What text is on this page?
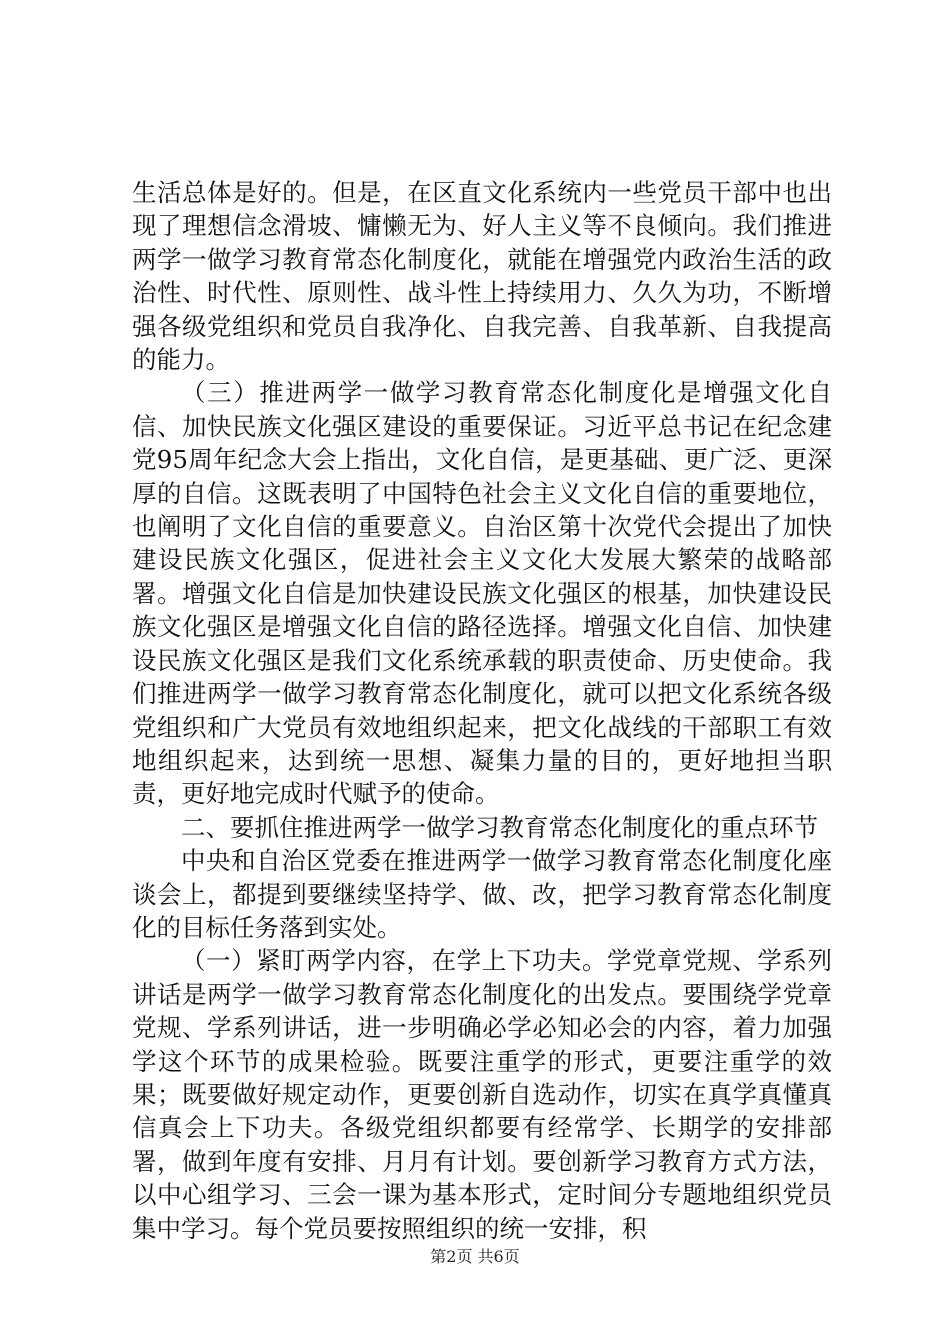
生活总体是好的。但是，在区直文化系统内一些党员干部中也出现了理想信念滑坡、慵懒无为、好人主义等不良倾向。我们推进两学一做学习教育常态化制度化，就能在增强党内政治生活的政治性、时代性、原则性、战斗性上持续用力、久久为功，不断增强各级党组织和党员自我净化、自我完善、自我革新、自我提高的能力。

（三）推进两学一做学习教育常态化制度化是增强文化自信、加快民族文化强区建设的重要保证。习近平总书记在纪念建党95周年纪念大会上指出，文化自信，是更基础、更广泛、更深厚的自信。这既表明了中国特色社会主义文化自信的重要地位，也阐明了文化自信的重要意义。自治区第十次党代会提出了加快建设民族文化强区，促进社会主义文化大发展大繁荣的战略部署。增强文化自信是加快建设民族文化强区的根基，加快建设民族文化强区是增强文化自信的路径选择。增强文化自信、加快建设民族文化强区是我们文化系统承载的职责使命、历史使命。我们推进两学一做学习教育常态化制度化，就可以把文化系统各级党组织和广大党员有效地组织起来，把文化战线的干部职工有效地组织起来，达到统一思想、凝集力量的目的，更好地担当职责，更好地完成时代赋予的使命。

二、要抓住推进两学一做学习教育常态化制度化的重点环节

中央和自治区党委在推进两学一做学习教育常态化制度化座谈会上，都提到要继续坚持学、做、改，把学习教育常态化制度化的目标任务落到实处。

（一）紧盯两学内容，在学上下功夫。学党章党规、学系列讲话是两学一做学习教育常态化制度化的出发点。要围绕学党章党规、学系列讲话，进一步明确必学必知必会的内容，着力加强学这个环节的成果检验。既要注重学的形式，更要注重学的效果；既要做好规定动作，更要创新自选动作，切实在真学真懂真信真会上下功夫。各级党组织都要有经常学、长期学的安排部署，做到年度有安排、月月有计划。要创新学习教育方式方法，以中心组学习、三会一课为基本形式，定时间分专题地组织党员集中学习。每个党员要按照组织的统一安排，积

第2页 共6页
